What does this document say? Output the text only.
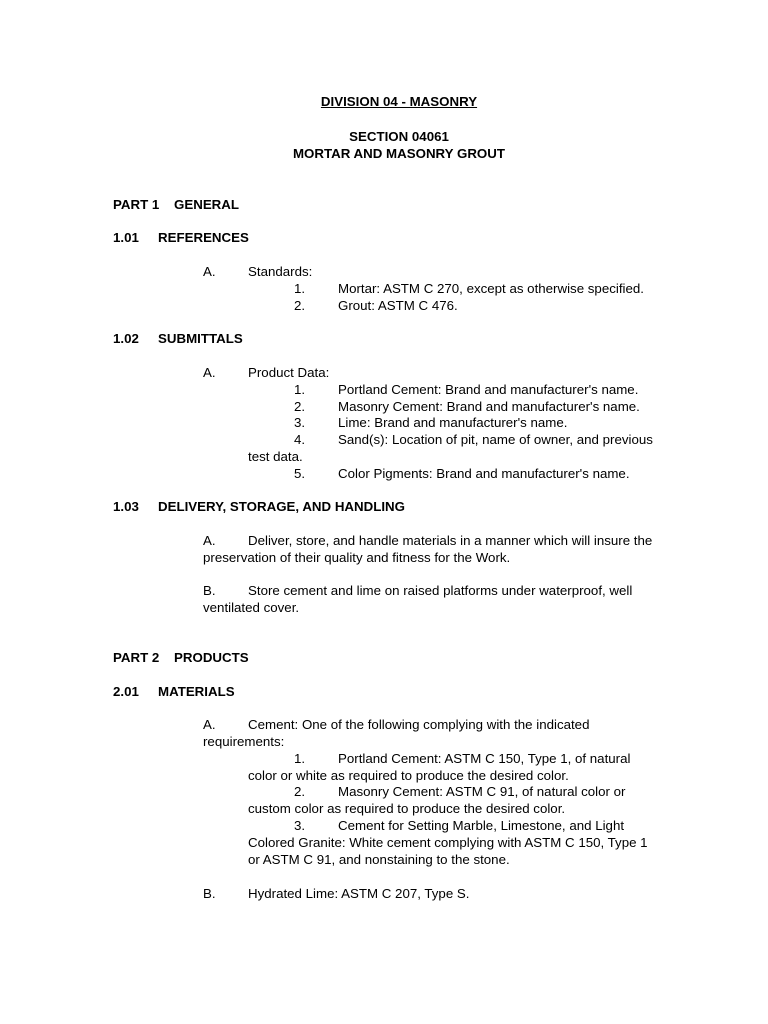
DIVISION 04 - MASONRY
SECTION 04061
MORTAR AND MASONRY GROUT
PART 1 GENERAL
1.01 REFERENCES
A. Standards:
1. Mortar: ASTM C 270, except as otherwise specified.
2. Grout: ASTM C 476.
1.02 SUBMITTALS
A. Product Data:
1. Portland Cement: Brand and manufacturer's name.
2. Masonry Cement: Brand and manufacturer's name.
3. Lime: Brand and manufacturer's name.
4. Sand(s): Location of pit, name of owner, and previous
test data.
5. Color Pigments: Brand and manufacturer's name.
1.03 DELIVERY, STORAGE, AND HANDLING
A. Deliver, store, and handle materials in a manner which will insure the
preservation of their quality and fitness for the Work.
B. Store cement and lime on raised platforms under waterproof, well
ventilated cover.
PART 2 PRODUCTS
2.01 MATERIALS
A. Cement: One of the following complying with the indicated
requirements:
1. Portland Cement: ASTM C 150, Type 1, of natural
color or white as required to produce the desired color.
2. Masonry Cement: ASTM C 91, of natural color or
custom color as required to produce the desired color.
3. Cement for Setting Marble, Limestone, and Light
Colored Granite: White cement complying with ASTM C 150, Type 1
or ASTM C 91, and nonstaining to the stone.
B. Hydrated Lime: ASTM C 207, Type S.
